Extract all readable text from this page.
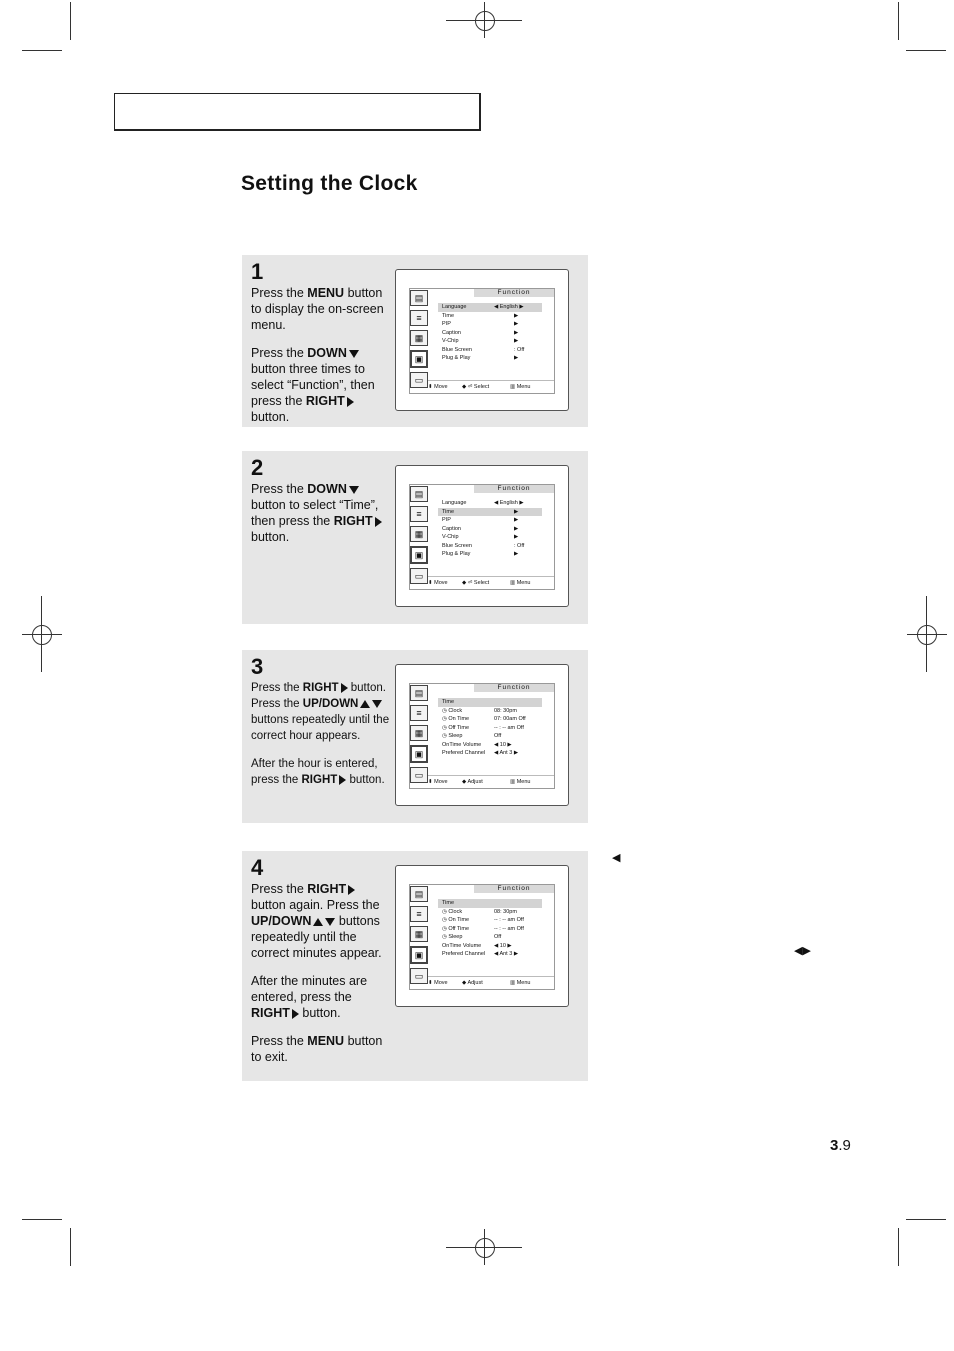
Setting the Clock
1

Press the MENU button to display the on-screen menu.

Press the DOWN button three times to select “Function”, then press the RIGHT button.

Function
Language	◀ English ▶
Time	▶
PIP	▶
Caption	▶
V-Chip	▶
Blue Screen	: Off
Plug & Play	▶
⬍ Move	◆ ⏎ Select	▥ Menu
▤
≡
▦
▣
▭
2

Press the DOWN button to select “Time”, then press the RIGHT button.

Function
Language	◀ English ▶
Time	▶
PIP	▶
Caption	▶
V-Chip	▶
Blue Screen	: Off
Plug & Play	▶
⬍ Move	◆ ⏎ Select	▥ Menu
▤
≡
▦
▣
▭
3

Press the RIGHT button. Press the UP/DOWN buttons repeatedly until the correct hour appears.

After the hour is entered, press the RIGHT button.

Function
Time
◷ Clock	08: 30pm
◷ On Time	07: 00am Off
◷ Off Time	-- : -- am Off
◷ Sleep	Off
OnTime Volume ◀ 10 ▶
Prefered Channel ◀ Ant 3 ▶
⬍ Move	◆ Adjust	▥ Menu
▤
≡
▦
▣
▭
4

Press the RIGHT button again. Press the UP/DOWN buttons repeatedly until the correct minutes appear.

After the minutes are entered, press the RIGHT button.

Press the MENU button to exit.

Function
Time
◷ Clock	08: 30pm
◷ On Time	-- : -- am Off
◷ Off Time	-- : -- am Off
◷ Sleep	Off
OnTime Volume ◀ 10 ▶
Prefered Channel ◀ Ant 3 ▶
⬍ Move	◆ Adjust	▥ Menu
▤
≡
▦
▣
▭
◀
◀▶
3.9
